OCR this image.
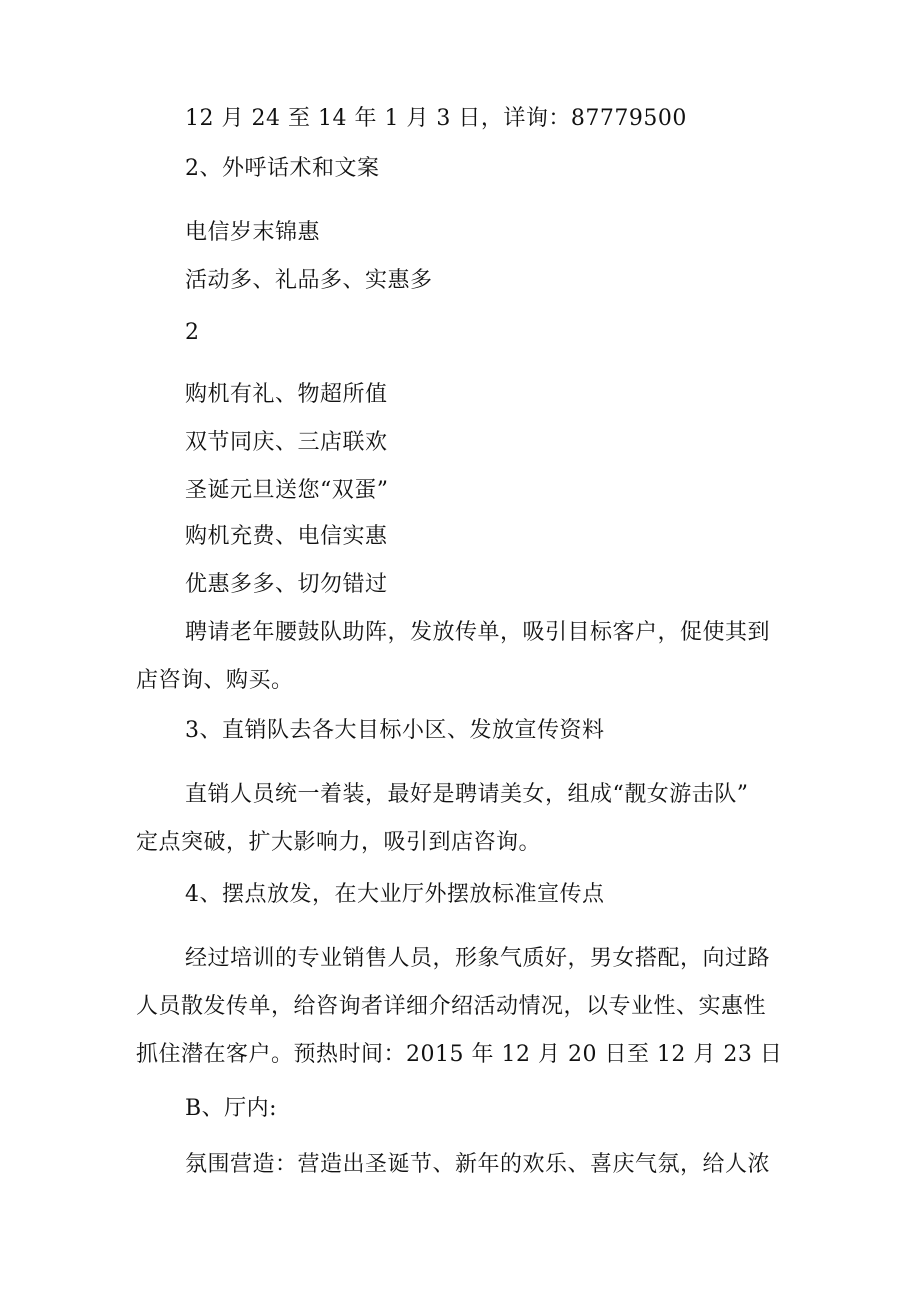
12 月 24 至 14 年 1 月 3 日，详询：87779500
2、外呼话术和文案
电信岁末锦惠
活动多、礼品多、实惠多
2
购机有礼、物超所值
双节同庆、三店联欢
圣诞元旦送您“双蛋”
购机充费、电信实惠
优惠多多、切勿错过
聘请老年腰鼓队助阵，发放传单，吸引目标客户，促使其到
店咨询、购买。
3、直销队去各大目标小区、发放宣传资料
直销人员统一着装，最好是聘请美女，组成“靓女游击队”
定点突破，扩大影响力，吸引到店咨询。
4、摆点放发，在大业厅外摆放标准宣传点
经过培训的专业销售人员，形象气质好，男女搭配，向过路
人员散发传单，给咨询者详细介绍活动情况，以专业性、实惠性
抓住潜在客户。预热时间：2015 年 12 月 20 日至 12 月 23 日
B、厅内:
氛围营造：营造出圣诞节、新年的欢乐、喜庆气氛，给人浓
